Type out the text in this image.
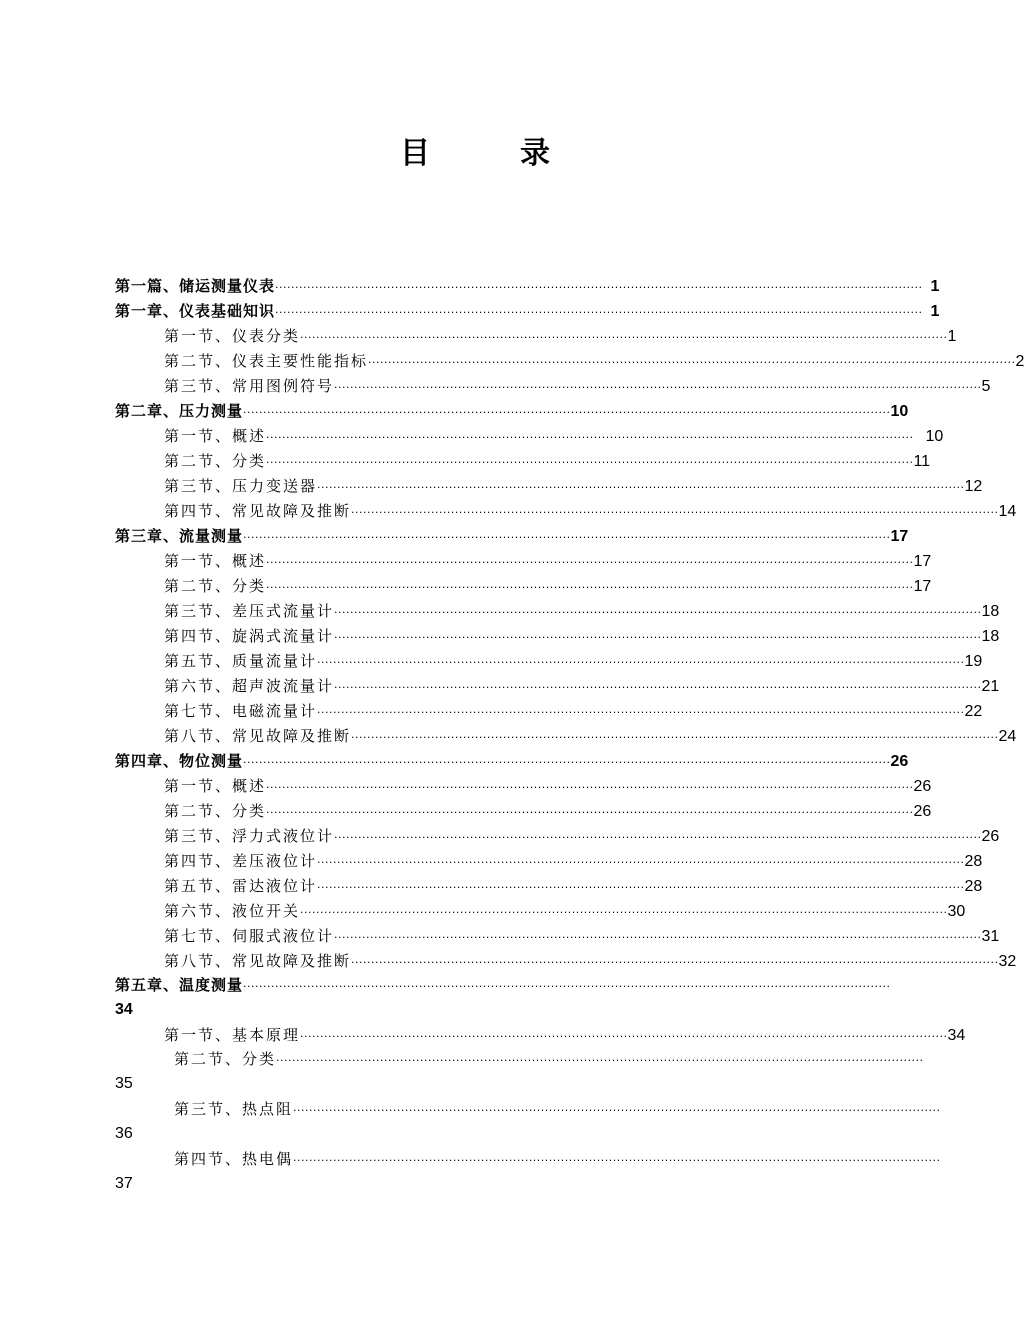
目　录
第一篇、储运测量仪表 ·································································································································································· 1
第一章、仪表基础知识 ·································································································································································· 1
第一节、仪表分类 ·································································································································································· 1
第二节、仪表主要性能指标 ·································································································································································· 2
第三节、常用图例符号 ·································································································································································· 5
第二章、压力测量 ·································································································································································· 10
第一节、概述 ·································································································································································· 10
第二节、分类 ·································································································································································· 11
第三节、压力变送器 ·································································································································································· 12
第四节、常见故障及推断 ·································································································································································· 14
第三章、流量测量 ·································································································································································· 17
第一节、概述 ·································································································································································· 17
第二节、分类 ·································································································································································· 17
第三节、差压式流量计 ·································································································································································· 18
第四节、旋涡式流量计 ·································································································································································· 18
第五节、质量流量计 ·································································································································································· 19
第六节、超声波流量计 ·································································································································································· 21
第七节、电磁流量计 ·································································································································································· 22
第八节、常见故障及推断 ·································································································································································· 24
第四章、物位测量 ·································································································································································· 26
第一节、概述 ·································································································································································· 26
第二节、分类 ·································································································································································· 26
第三节、浮力式液位计 ·································································································································································· 26
第四节、差压液位计 ·································································································································································· 28
第五节、雷达液位计 ·································································································································································· 28
第六节、液位开关 ·································································································································································· 30
第七节、伺服式液位计 ·································································································································································· 31
第八节、常见故障及推断 ·································································································································································· 32
第五章、温度测量 ··································································································································································
34
第一节、基本原理 ·································································································································································· 34
第二节、分类 ··································································································································································
35
第三节、热点阻 ··································································································································································
36
第四节、热电偶 ··································································································································································
37
